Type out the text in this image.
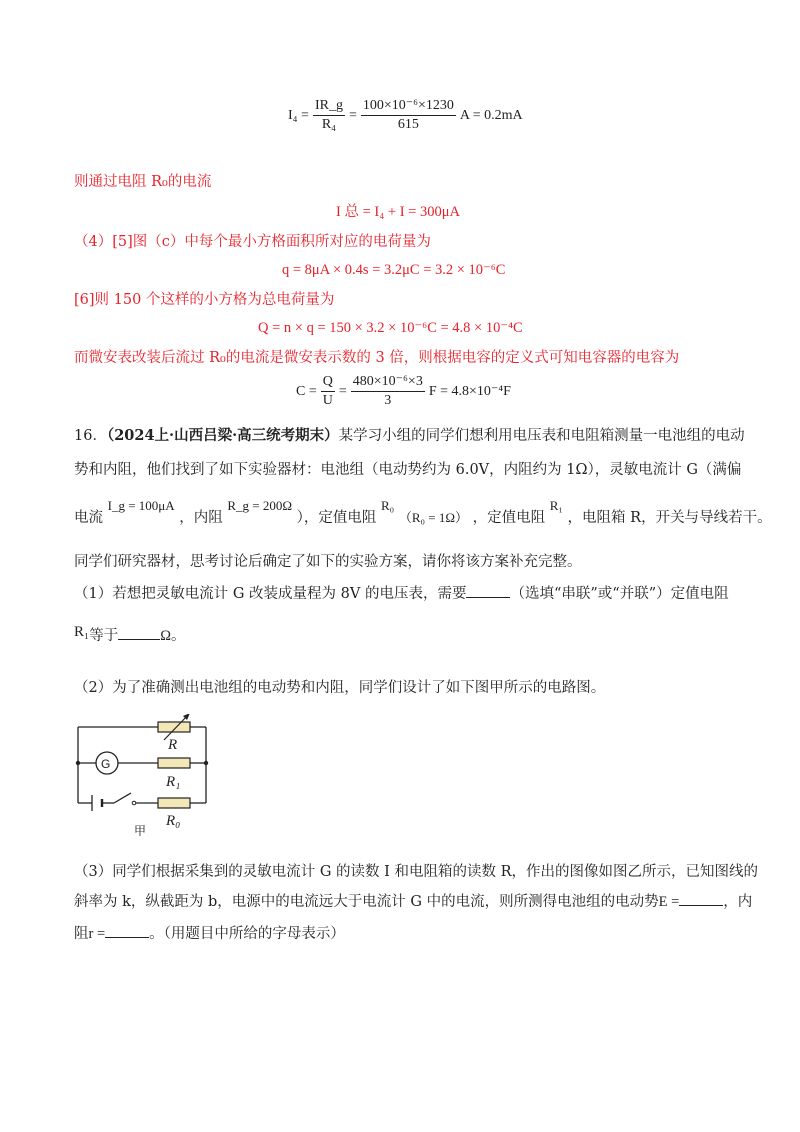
$I_4 = \frac{IR\_g}{\text{R₄}} = \frac{\text{100×10⁻⁶×1230}}{615}$ A = 0.2mA
则通过电阻 R₀的电流
I 总 = I₄ + I = 300μA
（4）[5]图（c）中每个最小方格面积所对应的电荷量为
q = 8μA × 0.4s = 3.2μC = 3.2 × 10⁻⁶C
[6]则 150 个这样的小方格为总电荷量为
Q = n × q = 150 × 3.2 × 10⁻⁶C = 4.8 × 10⁻⁴C
而微安表改装后流过 R₀的电流是微安表示数的 3 倍，则根据电容的定义式可知电容器的电容为
$C = \frac{Q}{U} = \frac{\text{480×10⁻⁶×3}}{3}$ F = 4.8×10⁻⁴F
16．（2024上·山西吕梁·高三统考期末）某学习小组的同学们想利用电压表和电阻箱测量一电池组的电动
势和内阻，他们找到了如下实验器材：电池组（电动势约为 6.0V，内阻约为 1Ω），灵敏电流计 G（满偏
电流 I_g = 100μA ，内阻 R_g = 200Ω ），定值电阻 R₀ （R₀ = 1Ω） ，定值电阻 R₁ ，电阻箱 R，开关与导线若干。
同学们研究器材，思考讨论后确定了如下的实验方案，请你将该方案补充完整。
（1）若想把灵敏电流计 G 改装成量程为 8V 的电压表，需要	（选填“串联”或“并联”）定值电阻
R₁等于	Ω。
（2）为了准确测出电池组的电动势和内阻，同学们设计了如下图甲所示的电路图。
R
G
R₁
R₀
甲
（3）同学们根据采集到的灵敏电流计 G 的读数 I 和电阻箱的读数 R，作出的图像如图乙所示，已知图线的
斜率为 k，纵截距为 b，电源中的电流远大于电流计 G 中的电流，则所测得电池组的电动势E =	，内
阻r =	。（用题目中所给的字母表示）
